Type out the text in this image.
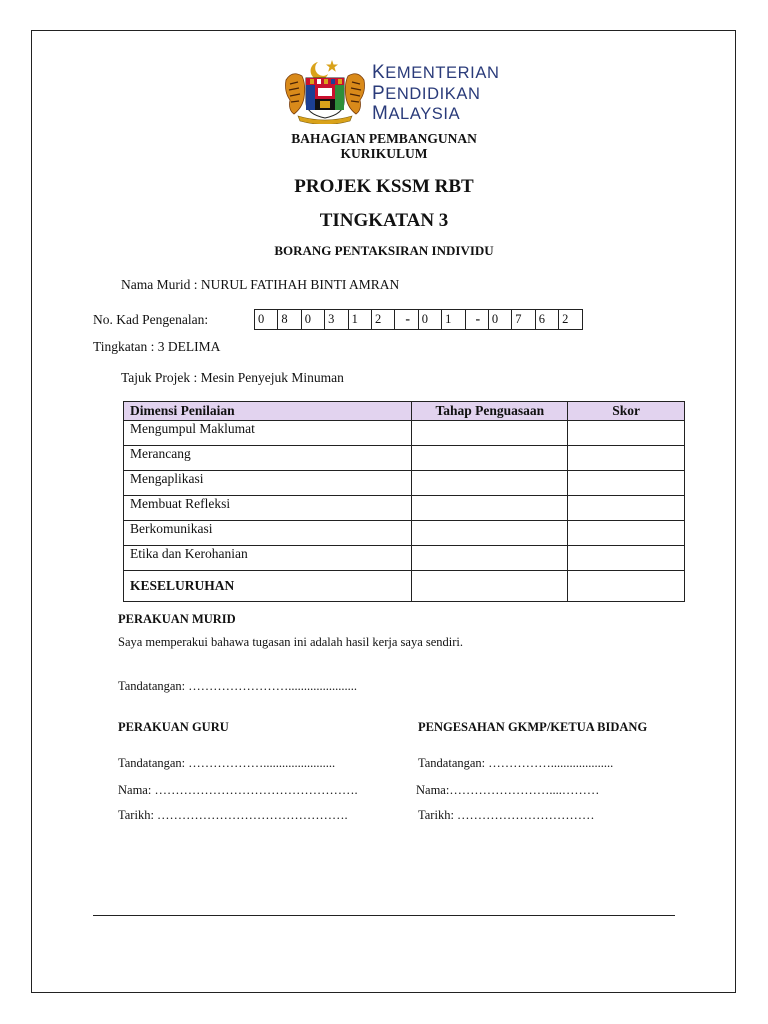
KEMENTERIAN
PENDIDIKAN
MALAYSIA
BAHAGIAN PEMBANGUNAN
KURIKULUM
PROJEK KSSM RBT
TINGKATAN 3
BORANG PENTAKSIRAN INDIVIDU
Nama Murid : NURUL FATIHAH BINTI AMRAN
No. Kad Pengenalan:	0	8	0	3	1	2	- 0	1	- 0	7	6	2
Tingkatan : 3 DELIMA
Tajuk Projek : Mesin Penyejuk Minuman
Dimensi Penilaian	Tahap Penguasaan	Skor
Mengumpul Maklumat		
Merancang		
Mengaplikasi		
Membuat Refleksi		
Berkomunikasi		
Etika dan Kerohanian		
KESELURUHAN		
PERAKUAN MURID
Saya memperakui bahawa tugasan ini adalah hasil kerja saya sendiri.
Tandatangan: ……………………......................
PERAKUAN GURU
Tandatangan: ……………….......................
Nama: ………………………………………….
Tarikh: ……………………………………….
PENGESAHAN GKMP/KETUA BIDANG
Tandatangan: ……………....................
Nama:……………………....………
Tarikh: ……………………………
